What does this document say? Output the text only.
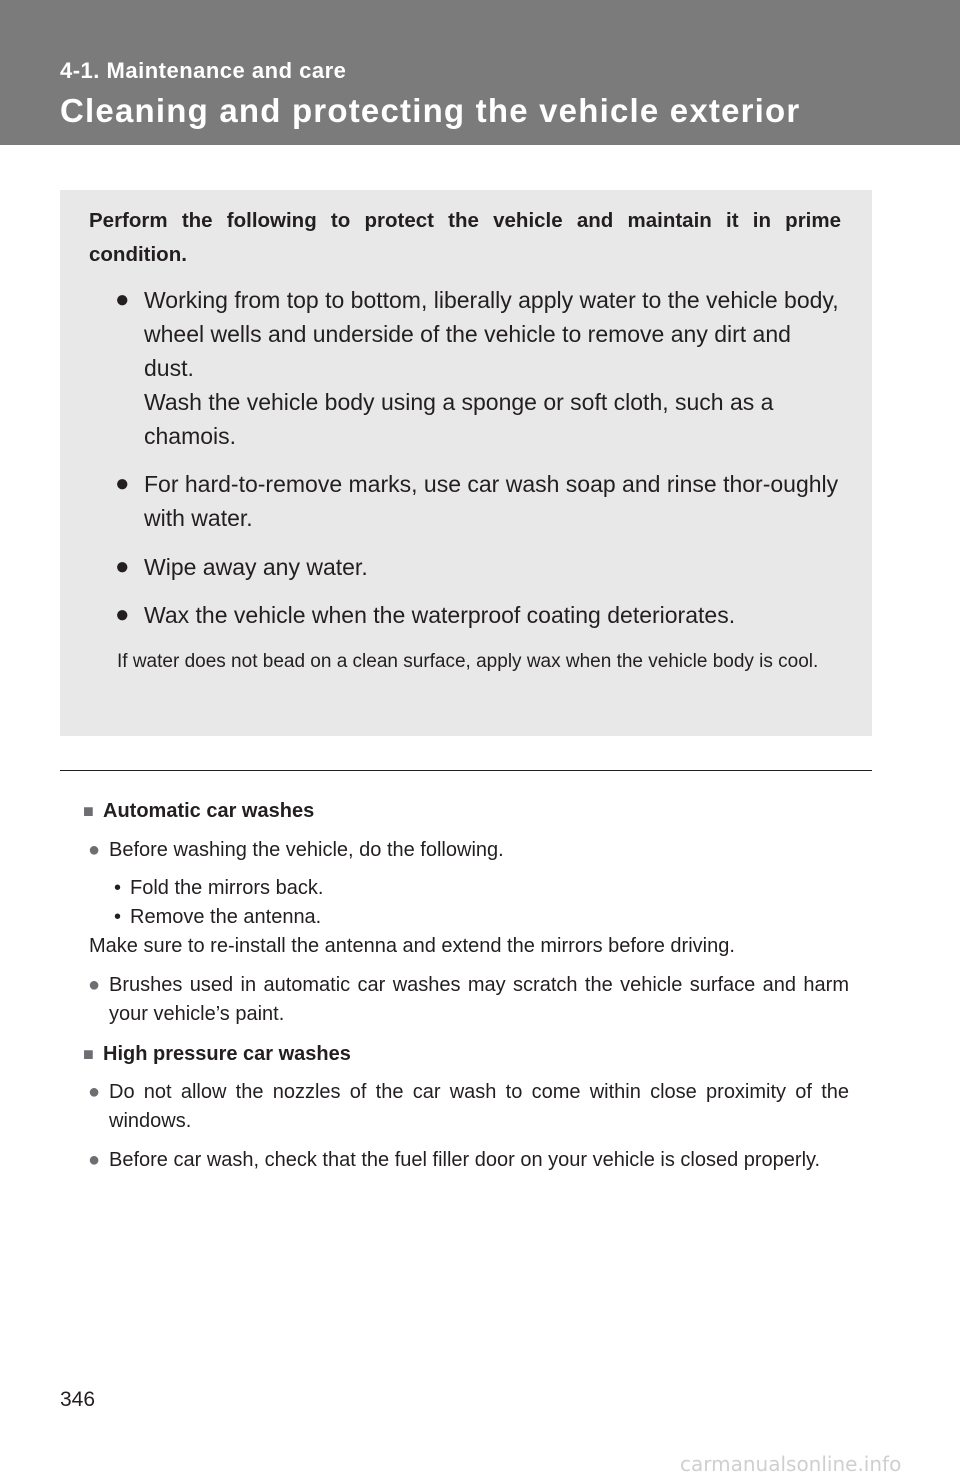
4-1. Maintenance and care
Cleaning and protecting the vehicle exterior
Perform the following to protect the vehicle and maintain it in prime condition.
● Working from top to bottom, liberally apply water to the vehicle body, wheel wells and underside of the vehicle to remove any dirt and dust.

Wash the vehicle body using a sponge or soft cloth, such as a chamois.

● For hard-to-remove marks, use car wash soap and rinse thor-oughly with water.

● Wipe away any water.

● Wax the vehicle when the waterproof coating deteriorates.

If water does not bead on a clean surface, apply wax when the vehicle body is cool.
■ Automatic car washes
● Before washing the vehicle, do the following.
• Fold the mirrors back.
• Remove the antenna.
Make sure to re-install the antenna and extend the mirrors before driving.
● Brushes used in automatic car washes may scratch the vehicle surface and harm your vehicle’s paint.
■ High pressure car washes
● Do not allow the nozzles of the car wash to come within close proximity of the windows.
● Before car wash, check that the fuel filler door on your vehicle is closed properly.
346
carmanualsonline.info
